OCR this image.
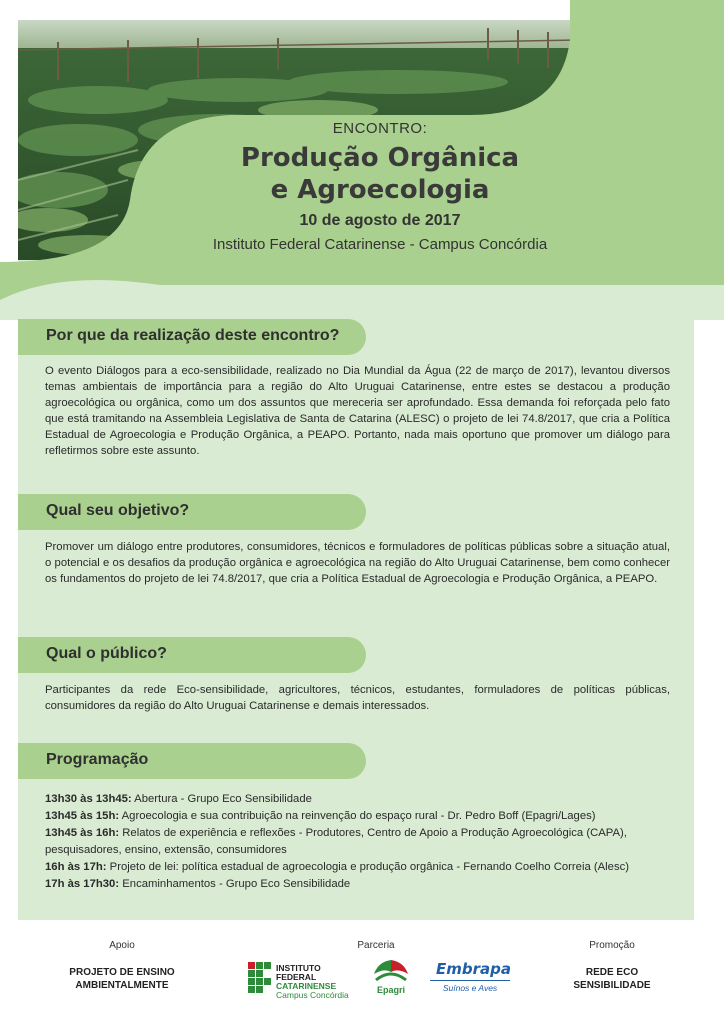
ENCONTRO:
Produção Orgânica
e Agroecologia
10 de agosto de 2017
Instituto Federal Catarinense - Campus Concórdia
Por que da realização deste encontro?
O evento Diálogos para a eco-sensibilidade, realizado no Dia Mundial da Água (22 de março de 2017), levantou diversos temas ambientais de importância para a região do Alto Uruguai Catarinense, entre estes se destacou a produção agroecológica ou orgânica, como um dos assuntos que mereceria ser aprofundado. Essa demanda foi reforçada pelo fato que está tramitando na Assembleia Legislativa de Santa de Catarina (ALESC) o projeto de lei 74.8/2017, que cria a Política Estadual de Agroecologia e Produção Orgânica, a PEAPO. Portanto, nada mais oportuno que promover um diálogo para refletirmos sobre este assunto.
Qual seu objetivo?
Promover um diálogo entre produtores, consumidores, técnicos e formuladores de políticas públicas sobre a situação atual, o potencial e os desafios da produção orgânica e agroecológica na região do Alto Uruguai Catarinense, bem como conhecer os fundamentos do projeto de lei 74.8/2017, que cria a Política Estadual de Agroecologia e Produção Orgânica, a PEAPO.
Qual o público?
Participantes da rede Eco-sensibilidade, agricultores, técnicos, estudantes, formuladores de políticas públicas, consumidores da região do Alto Uruguai Catarinense e demais interessados.
Programação

13h30 às 13h45: Abertura - Grupo Eco Sensibilidade

13h45 às 15h: Agroecologia e sua contribuição na reinvenção do espaço rural - Dr. Pedro Boff (Epagri/Lages)

13h45 às 16h: Relatos de experiência e reflexões - Produtores, Centro de Apoio a Produção Agroecológica (CAPA), pesquisadores, ensino, extensão, consumidores

16h às 17h: Projeto de lei: política estadual de agroecologia e produção orgânica - Fernando Coelho Correia (Alesc)

17h às 17h30: Encaminhamentos - Grupo Eco Sensibilidade

Apoio
PROJETO DE ENSINO
AMBIENTALMENTE
Parceria
INSTITUTO FEDERAL
CATARINENSE
Campus Concórdia	Epagri
Embrapa
Suínos e Aves
Promoção
REDE ECO
SENSIBILIDADE
